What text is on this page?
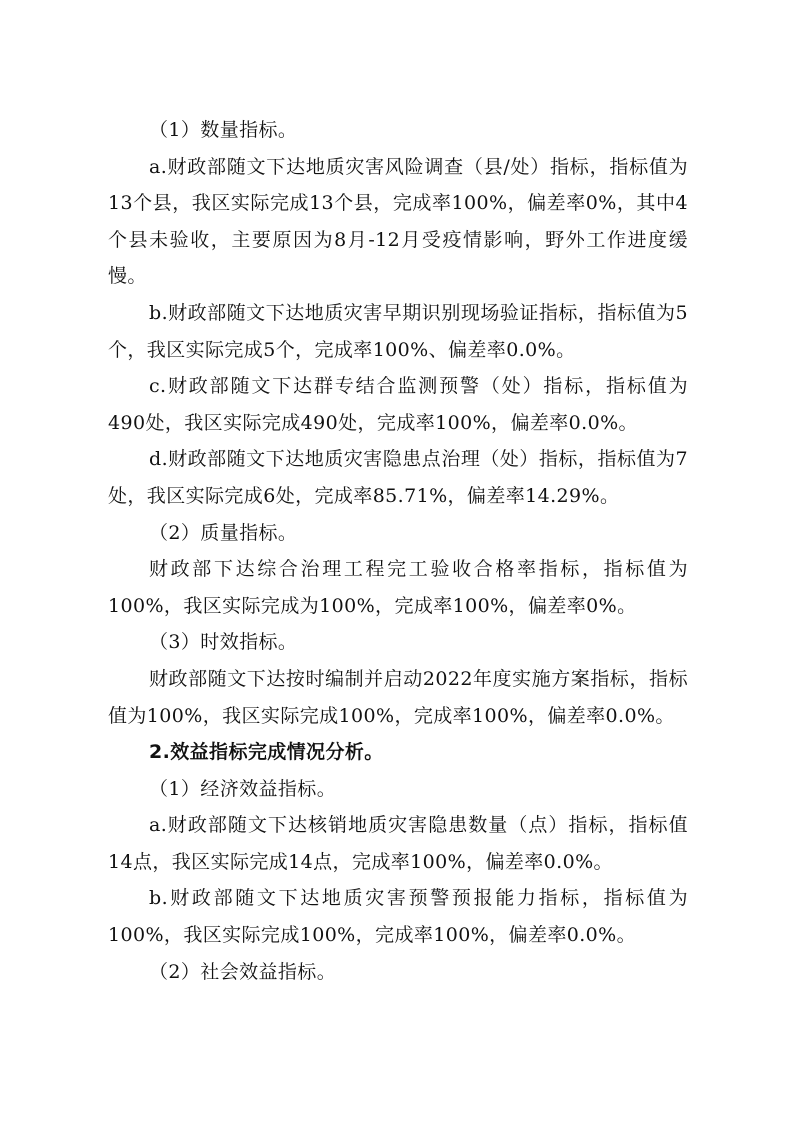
（1）数量指标。

a.财政部随文下达地质灾害风险调查（县/处）指标，指标值为13个县，我区实际完成13个县，完成率100%，偏差率0%，其中4个县未验收，主要原因为8月-12月受疫情影响，野外工作进度缓慢。

b.财政部随文下达地质灾害早期识别现场验证指标，指标值为5个，我区实际完成5个，完成率100%、偏差率0.0%。

c.财政部随文下达群专结合监测预警（处）指标，指标值为490处，我区实际完成490处，完成率100%，偏差率0.0%。

d.财政部随文下达地质灾害隐患点治理（处）指标，指标值为7处，我区实际完成6处，完成率85.71%，偏差率14.29%。

（2）质量指标。

财政部下达综合治理工程完工验收合格率指标，指标值为100%，我区实际完成为100%，完成率100%，偏差率0%。

（3）时效指标。

财政部随文下达按时编制并启动2022年度实施方案指标，指标值为100%，我区实际完成100%，完成率100%，偏差率0.0%。

2.效益指标完成情况分析。

（1）经济效益指标。

a.财政部随文下达核销地质灾害隐患数量（点）指标，指标值14点，我区实际完成14点，完成率100%，偏差率0.0%。

b.财政部随文下达地质灾害预警预报能力指标，指标值为100%，我区实际完成100%，完成率100%，偏差率0.0%。

（2）社会效益指标。
